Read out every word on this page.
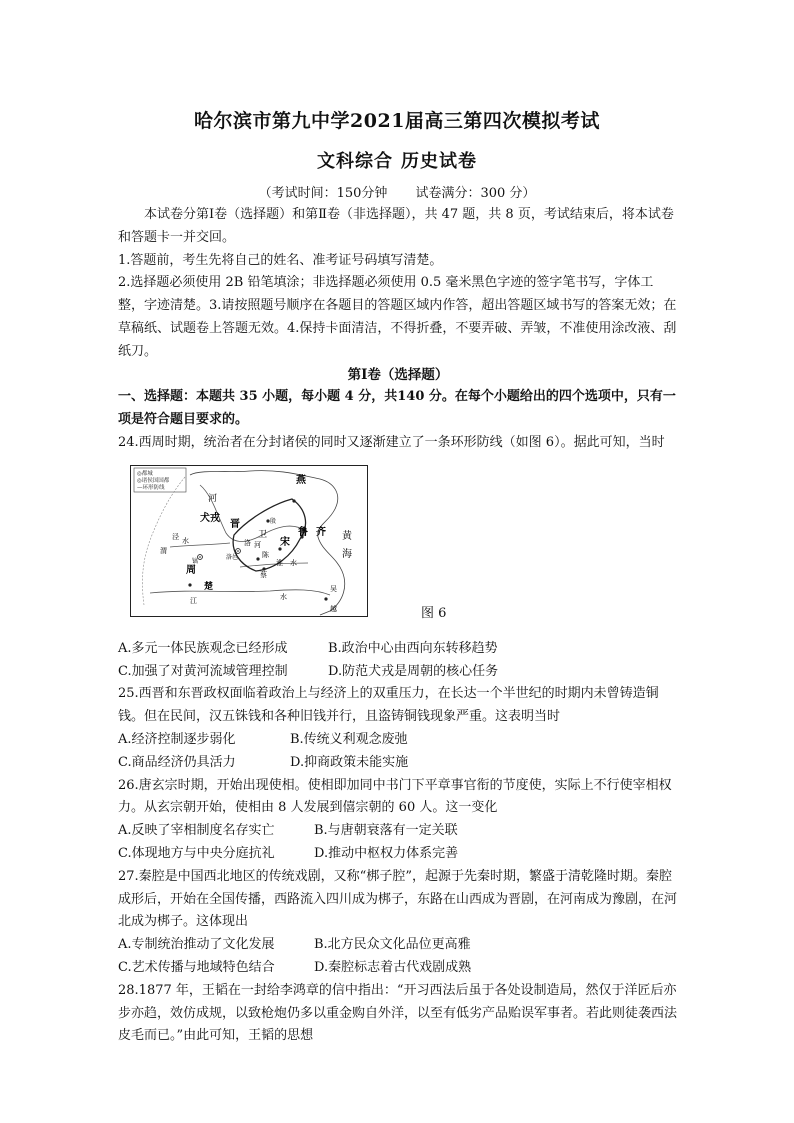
哈尔滨市第九中学2021届高三第四次模拟考试
文科综合 历史试卷
（考试时间：150分钟 试卷满分：300 分）

本试卷分第Ⅰ卷（选择题）和第Ⅱ卷（非选择题），共 47 题，共 8 页，考试结束后，将本试卷和答题卡一并交回。

1.答题前，考生先将自己的姓名、准考证号码填写清楚。

2.选择题必须使用 2B 铅笔填涂；非选择题必须使用 0.5 毫米黑色字迹的签字笔书写，字体工整，字迹清楚。3.请按照题号顺序在各题目的答题区域内作答，超出答题区域书写的答案无效；在草稿纸、试题卷上答题无效。4.保持卡面清洁，不得折叠，不要弄破、弄皱，不准使用涂改液、刮纸刀。

第Ⅰ卷（选择题）

一、选择题：本题共 35 小题，每小题 4 分，共140 分。在每个小题给出的四个选项中，只有一项是符合题目要求的。

24.西周时期，统治者在分封诸侯的同时又逐渐建立了一条环形防线（如图 6）。据此可知，当时

◎都城
◎诸侯国国都
—环形防线
燕
河
犬戎
晋
卫	鲁 齐 黄
海
泾 水
渭
洛 河
殷
周
镐
洛邑
宋
陈
蔡
淮 水
楚
江	水
吴
越	图 6
A.多元一体民族观念已经形成	B.政治中心由西向东转移趋势
C.加强了对黄河流域管理控制	D.防范犬戎是周朝的核心任务

25.西晋和东晋政权面临着政治上与经济上的双重压力，在长达一个半世纪的时期内未曾铸造铜钱。但在民间，汉五铢钱和各种旧钱并行，且盗铸铜钱现象严重。这表明当时

A.经济控制逐步弱化	B.传统义利观念废弛
C.商品经济仍具活力	D.抑商政策未能实施

26.唐玄宗时期，开始出现使相。使相即加同中书门下平章事官衔的节度使，实际上不行使宰相权力。从玄宗朝开始，使相由 8 人发展到僖宗朝的 60 人。这一变化

A.反映了宰相制度名存实亡	B.与唐朝衰落有一定关联
C.体现地方与中央分庭抗礼	D.推动中枢权力体系完善

27.秦腔是中国西北地区的传统戏剧，又称“梆子腔”，起源于先秦时期，繁盛于清乾隆时期。秦腔成形后，开始在全国传播，西路流入四川成为梆子，东路在山西成为晋剧，在河南成为豫剧，在河北成为梆子。这体现出

A.专制统治推动了文化发展	B.北方民众文化品位更高雅
C.艺术传播与地域特色结合	D.秦腔标志着古代戏剧成熟

28.1877 年，王韬在一封给李鸿章的信中指出：“开习西法后虽于各处设制造局，然仅于洋匠后亦步亦趋，效仿成规，以致枪炮仍多以重金购自外洋，以至有低劣产品贻误军事者。若此则徒袭西法皮毛而已。”由此可知，王韬的思想
